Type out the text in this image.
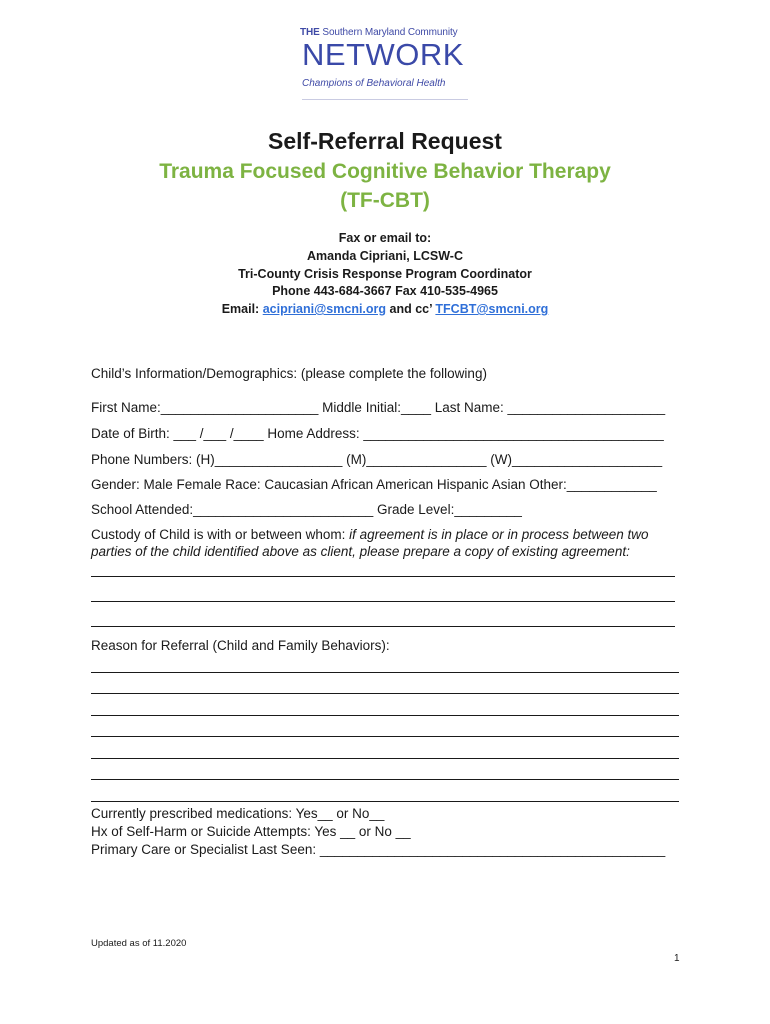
THE Southern Maryland Community
NETWORK
Champions of Behavioral Health
Self-Referral Request
Trauma Focused Cognitive Behavior Therapy
(TF-CBT)
Fax or email to:
Amanda Cipriani, LCSW-C
Tri-County Crisis Response Program Coordinator
Phone 443-684-3667 Fax 410-535-4965
Email: acipriani@smcni.org and cc’ TFCBT@smcni.org
Child’s Information/Demographics: (please complete the following)
First Name:_____________________ Middle Initial:____ Last Name: _____________________
Date of Birth: ___ /___ /____ Home Address: ________________________________________
Phone Numbers: (H)_________________ (M)________________ (W)____________________
Gender: Male Female Race: Caucasian African American Hispanic Asian Other:____________
School Attended:________________________ Grade Level:_________
Custody of Child is with or between whom: if agreement is in place or in process between two
parties of the child identified above as client, please prepare a copy of existing agreement:
Reason for Referral (Child and Family Behaviors):
Currently prescribed medications: Yes__ or No__
Hx of Self-Harm or Suicide Attempts: Yes __ or No __
Primary Care or Specialist Last Seen: ______________________________________________
Updated as of 11.2020
1
